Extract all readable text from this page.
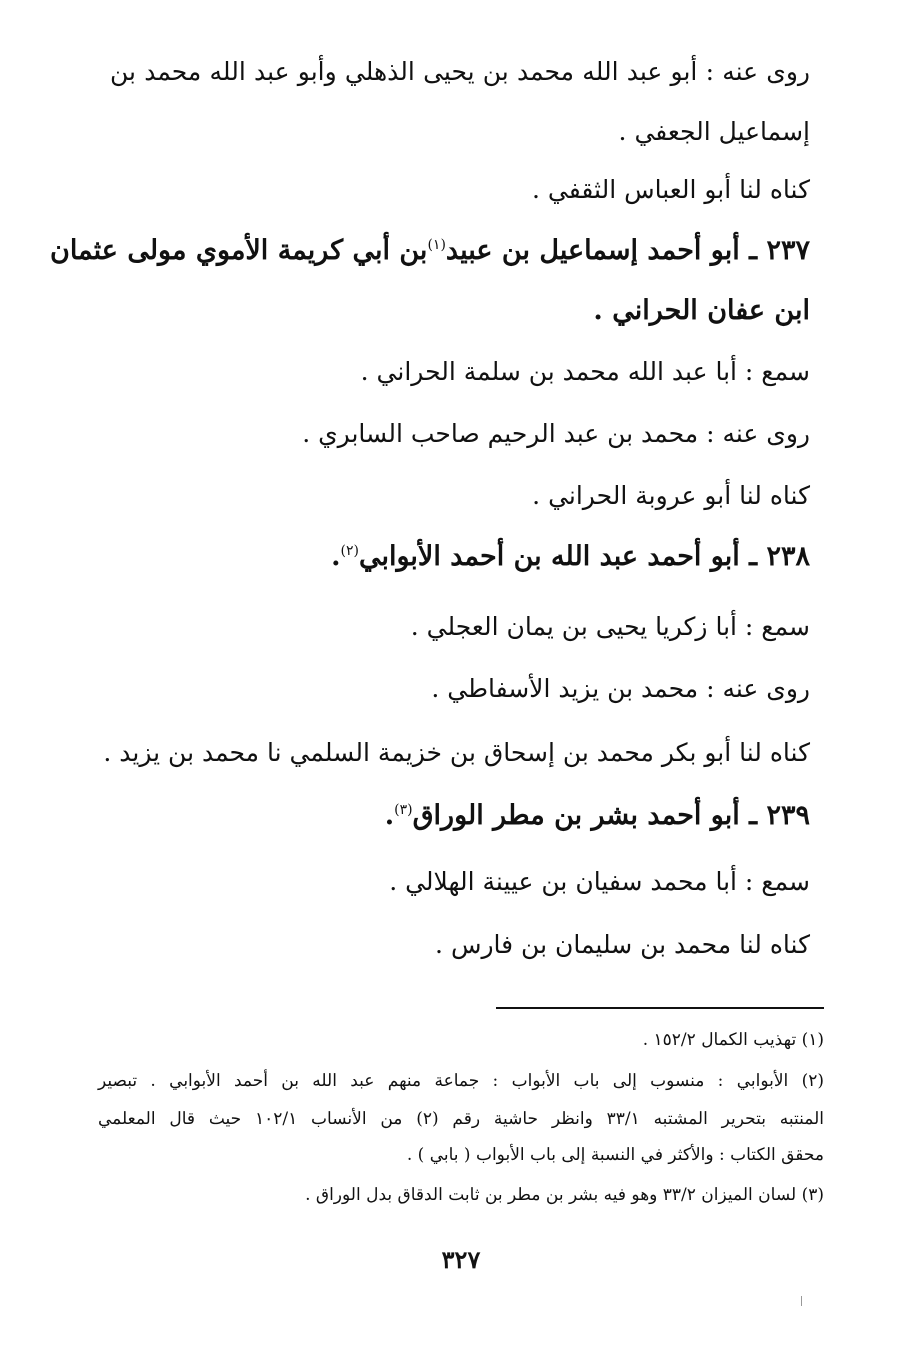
روى عنه : أبو عبد الله محمد بن يحيى الذهلي وأبو عبد الله محمد بن
إسماعيل الجعفي .
كناه لنا أبو العباس الثقفي .
٢٣٧ ـ أبو أحمد إسماعيل بن عبيد$^{(١)}$بن أبي كريمة الأموي مولى عثمان
ابن عفان الحراني .
سمع : أبا عبد الله محمد بن سلمة الحراني .
روى عنه : محمد بن عبد الرحيم صاحب السابري .
كناه لنا أبو عروبة الحراني .
٢٣٨ ـ أبو أحمد عبد الله بن أحمد الأبوابي$^{(٢)}$.
سمع : أبا زكريا يحيى بن يمان العجلي .
روى عنه : محمد بن يزيد الأسفاطي .
كناه لنا أبو بكر محمد بن إسحاق بن خزيمة السلمي نا محمد بن يزيد .
٢٣٩ ـ أبو أحمد بشر بن مطر الوراق$^{(٣)}$.
سمع : أبا محمد سفيان بن عيينة الهلالي .
كناه لنا محمد بن سليمان بن فارس .
(١) تهذيب الكمال ١٥٢/٢ .
(٢) الأبوابي : منسوب إلى باب الأبواب : جماعة منهم عبد الله بن أحمد الأبوابي . تبصير
المنتبه بتحرير المشتبه ٣٣/١ وانظر حاشية رقم (٢) من الأنساب ١٠٢/١ حيث قال المعلمي
محقق الكتاب : والأكثر في النسبة إلى باب الأبواب ( بابي ) .
(٣) لسان الميزان ٣٣/٢ وهو فيه بشر بن مطر بن ثابت الدقاق بدل الوراق .
٣٢٧
